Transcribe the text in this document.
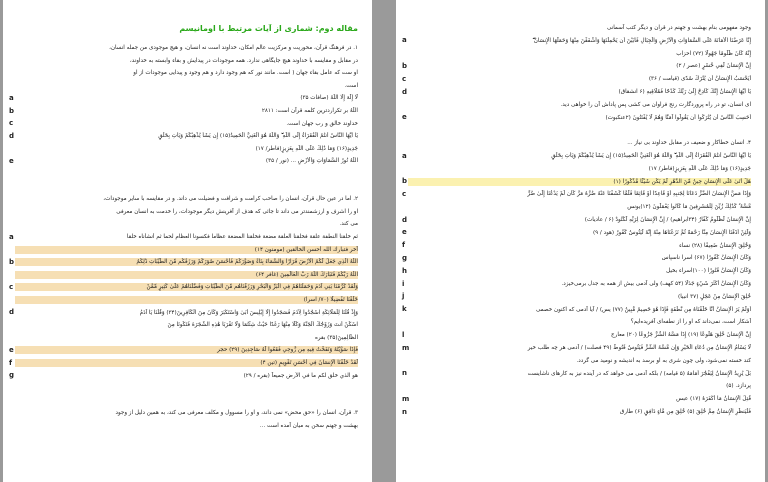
مقاله دوم: شماری از آیات مرتبط با اومانیسم
۱. در فرهنگ قرآن، محوریت و مرکزیت عالم امکان، خداوند است نه انسان، و هیچ موجودی من جمله انسان،
در مقابل و مقایسه با خداوند هیچ جایگاهی ندارد. همه موجودات در پیدایش و بقاء وابسته به خداوند،
او ست که عامل بقاء جهان ( است. مانند نور که هم وجود دارد و هم وجود و پیدایی موجودات از او
است.
لَا إِلَٰهَ إِلَّا اللَّهُ (صافات ۳۵)
a
اللَّهُ بر تکراردترین کلمه قرآن است: ۲۸۱۱
b
خداوند خالق و رب جهان است.
c
يَا أَيُّهَا النَّاسُ أَنتُمُ الْفُقَرَاءُ إِلَى اللَّهِ ۖ وَاللَّهُ هُوَ الْغَنِيُّ الْحَمِيدُ(۱۵) إِن يَشَأْ يُذْهِبْكُمْ وَيَأْتِ بِخَلْقٍ
d
جَدِيدٍ(۱۶) وَمَا ذَٰلِكَ عَلَى اللَّهِ بِعَزِيزٍ(فاطر/ ۱۷)
اللَّهُ نُورُ السَّمَاوَاتِ وَالْأَرْضِ ... (نور / ۳۵)
e
۲. اما در عین حال قرآن، انسان را صاحب کرامت و شرافت و فضیلت می داند. و در مقایسه با سایر موجودات،
او را اشرف و ارزشمندتر می داند تا جائی که هدف از آفرینش دیگر موجودات، را خدمت به انسان معرفی
می کند.
ثم خلقنا النطفة علقة فخلقنا العلقة مضغة فخلقنا المضغة عظاما فكسونا العظام لحما ثم أنشأناه خلقا
a
آخر فتبارك الله أحسن الخالقين (مومنون ۱۴)
اللَّهُ الَّذِي جَعَلَ لَكُمُ الْأَرْضَ قَرَارًا وَالسَّمَاءَ بِنَاءً وَصَوَّرَكُمْ فَأَحْسَنَ صُوَرَكُمْ وَرَزَقَكُم مِّنَ الطَّيِّبَاتِ ذَٰلِكُمُ
b
اللَّهُ رَبُّكُمْ فَتَبَارَكَ اللَّهُ رَبُّ الْعَالَمِينَ (غافر ۶۴)
وَلَقَدْ كَرَّمْنَا بَنِي آدَمَ وَحَمَلْنَاهُمْ فِي الْبَرِّ وَالْبَحْرِ وَرَزَقْنَاهُم مِّنَ الطَّيِّبَاتِ وَفَضَّلْنَاهُمْ عَلَىٰ كَثِيرٍ مِّمَّنْ
c
خَلَقْنَا تَفْضِيلًا (۷۰/ اسرا)
وَإِذْ قُلْنَا لِلْمَلَائِكَةِ اسْجُدُوا لِآدَمَ فَسَجَدُوا إِلَّا إِبْلِيسَ أَبَىٰ وَاسْتَكْبَرَ وَكَانَ مِنَ الْكَافِرِينَ(۳۴) وَقُلْنَا يَا آدَمُ
d
اسْكُنْ أَنتَ وَزَوْجُكَ الْجَنَّةَ وَكُلَا مِنْهَا رَغَدًا حَيْثُ شِئْتُمَا وَلَا تَقْرَبَا هَٰذِهِ الشَّجَرَةَ فَتَكُونَا مِنَ
الظَّالِمِينَ(۳۵) بقره
فَإِذَا سَوَّيْتُهُ وَنَفَخْتُ فِيهِ مِن رُّوحِي فَقَعُوا لَهُ سَاجِدِينَ (۲۹) حجر
e
لَقَدْ خَلَقْنَا الْإِنسَانَ فِي أَحْسَنِ تَقْوِيمٍ (تین ۴)
f
هو الذي خلق لكم ما في الأرض جميعاً (بقره / ۲۹)
g
۳. قرآن، انسان را «حق محض» نمی داند، و او را مسوول و مکلف معرفی می کند، به همین دلیل از وجود
بهشت و جهنم سخن به میان آمده است ...
وجود مفهومی بنام بهشت و جهنم در قران و دیگر کتب آسمانی
إِنَّا عَرَضْنَا الْأَمَانَةَ عَلَى السَّمَاوَاتِ وَالْأَرْضِ وَالْجِبَالِ فَأَبَيْنَ أَن يَحْمِلْنَهَا وَأَشْفَقْنَ مِنْهَا وَحَمَلَهَا الْإِنسَانُ ۖ
a
إِنَّهُ كَانَ ظَلُومًا جَهُولًا (۷۲) احزاب
إِنَّ الْإِنسَانَ لَفِي خُسْرٍ (عصر / ۲)
b
أَيَحْسَبُ الْإِنسَانُ أَن يُتْرَكَ سُدًى (قیامت / ۳۶)
c
يَا أَيُّهَا الْإِنسَانُ إِنَّكَ كَادِحٌ إِلَىٰ رَبِّكَ كَدْحًا فَمُلَاقِيهِ (۶ انشقاق)
d
ای انسان، تو در راه پروردگارت رنج فراوان می کشی پس پاداش آن را خواهی دید.
أَحَسِبَ النَّاسُ أَن يُتْرَكُوا أَن يَقُولُوا آمَنَّا وَهُمْ لَا يُفْتَنُونَ (۲عنكبوت)
e
۴. انسان خطاکار و ضعیف در مقابل خداوند بی نیاز ...
يَا أَيُّهَا النَّاسُ أَنتُمُ الْفُقَرَاءُ إِلَى اللَّهِ ۖ وَاللَّهُ هُوَ الْغَنِيُّ الْحَمِيدُ(۱۵) إِن يَشَأْ يُذْهِبْكُمْ وَيَأْتِ بِخَلْقٍ
a
جَدِيدٍ(۱۶) وَمَا ذَٰلِكَ عَلَى اللَّهِ بِعَزِيزٍ(فاطر/ ۱۷)
هَلْ أَتَىٰ عَلَى الْإِنسَانِ حِينٌ مِّنَ الدَّهْرِ لَمْ يَكُن شَيْئًا مَّذْكُورًا (۱)
b
وَإِذَا مَسَّ الْإِنسَانَ الضُّرُّ دَعَانَا لِجَنبِهِ أَوْ قَاعِدًا أَوْ قَائِمًا فَلَمَّا كَشَفْنَا عَنْهُ ضُرَّهُ مَرَّ كَأَن لَّمْ يَدْعُنَا إِلَىٰ ضُرٍّ
c
مَّسَّهُ ۚ كَذَٰلِكَ زُيِّنَ لِلْمُسْرِفِينَ مَا كَانُوا يَعْمَلُونَ (۱۲)یونس
إِنَّ الْإِنسَانَ لَظَلُومٌ كَفَّارٌ (۳۴ابراهیم) / إِنَّ الْإِنسَانَ لِرَبِّهِ لَكَنُودٌ (۶ / عادیات)
d
وَلَئِنْ أَذَقْنَا الْإِنسَانَ مِنَّا رَحْمَةً ثُمَّ نَزَعْنَاهَا مِنْهُ إِنَّهُ لَيَئُوسٌ كَفُورٌ (هود / ۹)
e
وَخُلِقَ الْإِنسَانُ ضَعِيفًا (۲۸) نساء
f
وَكَانَ الْإِنسَانُ كَفُورًا (۶۷) اسرا ناسپاس
g
وَكَانَ الْإِنسَانُ قَتُورًا (۱۰۰)اسراء بخیل
h
وَكَانَ الْإِنسَانُ أَكْثَرَ شَيْءٍ جَدَلًا (۵۴ کهف) ولی آدمی بیش از همه به جدل برمی‌خیزد.
i
خُلِقَ الْإِنسَانُ مِنْ عَجَلٍ (۳۷ انبیا)
j
أَوَلَمْ يَرَ الْإِنسَانُ أَنَّا خَلَقْنَاهُ مِن نُّطْفَةٍ فَإِذَا هُوَ خَصِيمٌ مُّبِينٌ (۷۷) یس) / آیا آدمی که اکنون خصمی
k
آشکار است، نمی‌داند که او را از نطفه‌ای آفریده‌ایم؟
إِنَّ الْإِنسَانَ خُلِقَ هَلُوعًا (۱۹) إِذَا مَسَّهُ الشَّرُّ جَزُوعًا (۲۰) معارج
l
لَا يَسْأَمُ الْإِنسَانُ مِن دُعَاءِ الْخَيْرِ وَإِن مَّسَّهُ الشَّرُّ فَيَئُوسٌ قَنُوطٌ (۴۹ فصلت) / آدمی هر چه طلب خیر
m
کند خسته نمی‌شود، ولی چون شری به او برسد به اندیشه و نومید می گردد.
بَلْ يُرِيدُ الْإِنسَانُ لِيَفْجُرَ أَمَامَهُ (۵ قیامه) / بلکه آدمی می خواهد که در آینده نیز به کارهای ناشایست
n
پردازد. (۵)
قُتِلَ الْإِنسَانُ مَا أَكْفَرَهُ (۱۷) عبس
m
فَلْيَنظُرِ الْإِنسَانُ مِمَّ خُلِقَ (۵) خُلِقَ مِن مَّاءٍ دَافِقٍ (۶) طارق
n
